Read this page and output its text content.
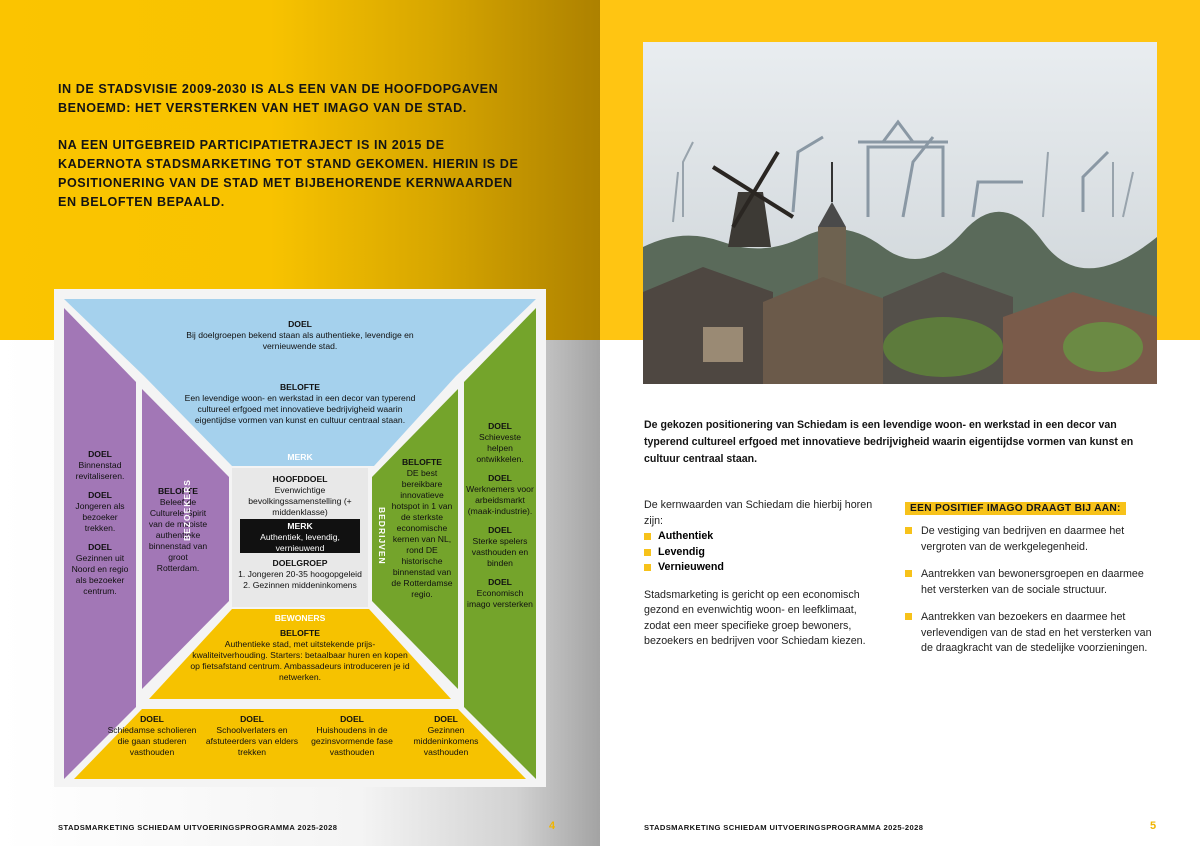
IN DE STADSVISIE 2009-2030 IS ALS EEN VAN DE HOOFDOPGAVEN BENOEMD: HET VERSTERKEN VAN HET IMAGO VAN DE STAD.

NA EEN UITGEBREID PARTICIPATIETRAJECT IS IN 2015 DE KADERNOTA STADSMARKETING TOT STAND GEKOMEN. HIERIN IS DE POSITIONERING VAN DE STAD MET BIJBEHORENDE KERNWAARDEN EN BELOFTEN BEPAALD.

DOEL
Bij doelgroepen bekend staan als authentieke, levendige en vernieuwende stad.
BELOFTE
Een levendige woon- en werkstad in een decor van typerend cultureel erfgoed met innovatieve bedrijvigheid waarin eigentijdse vormen van kunst en cultuur centraal staan.
MERK
HOOFDDOEL
Evenwichtige bevolkingssamenstelling (+ middenklasse)
MERK
Authentiek, levendig, vernieuwend
DOELGROEP
1. Jongeren 20-35 hoogopgeleid 2. Gezinnen middeninkomens
DOEL
Binnenstad revitaliseren.
DOEL
Jongeren als bezoeker trekken.
DOEL
Gezinnen uit Noord en regio als bezoeker centrum.
BELOFTE
Beleef de Culturele Spirit van de mooiste authentieke binnenstad van groot Rotterdam.
BEZOEKERS
BELOFTE
DE best bereikbare innovatieve hotspot in 1 van de sterkste economische kernen van NL, rond DE historische binnenstad van de Rotterdamse regio.
BEDRIJVEN
DOEL
Schieveste helpen ontwikkelen.
DOEL
Werknemers voor arbeidsmarkt (maak-industrie).
DOEL
Sterke spelers vasthouden en binden
DOEL
Economisch imago versterken
BEWONERS
BELOFTE
Authentieke stad, met uitstekende prijs-kwaliteitverhouding. Starters: betaalbaar huren en kopen op fietsafstand centrum. Ambassadeurs introduceren je id netwerken.
DOEL
Schiedamse scholieren die gaan studeren vasthouden
DOEL
Schoolverlaters en afstuteerders van elders trekken
DOEL
Huishoudens in de gezinsvormende fase vasthouden
DOEL
Gezinnen middeninkomens vasthouden
STADSMARKETING SCHIEDAM UITVOERINGSPROGRAMMA 2025-2028	4

De gekozen positionering van Schiedam is een levendige woon- en werkstad in een decor van typerend cultureel erfgoed met innovatieve bedrijvigheid waarin eigentijdse vormen van kunst en cultuur centraal staan.

De kernwaarden van Schiedam die hierbij horen zijn:

Authentiek
Levendig
Vernieuwend

Stadsmarketing is gericht op een economisch gezond en evenwichtig woon- en leefklimaat, zodat een meer specifieke groep bewoners, bezoekers en bedrijven voor Schiedam kiezen.

EEN POSITIEF IMAGO DRAAGT BIJ AAN:
De vestiging van bedrijven en daarmee het vergroten van de werkgelegenheid.
Aantrekken van bewonersgroepen en daarmee het versterken van de sociale structuur.
Aantrekken van bezoekers en daarmee het verlevendigen van de stad en het versterken van de draagkracht van de stedelijke voorzieningen.
STADSMARKETING SCHIEDAM UITVOERINGSPROGRAMMA 2025-2028	5
